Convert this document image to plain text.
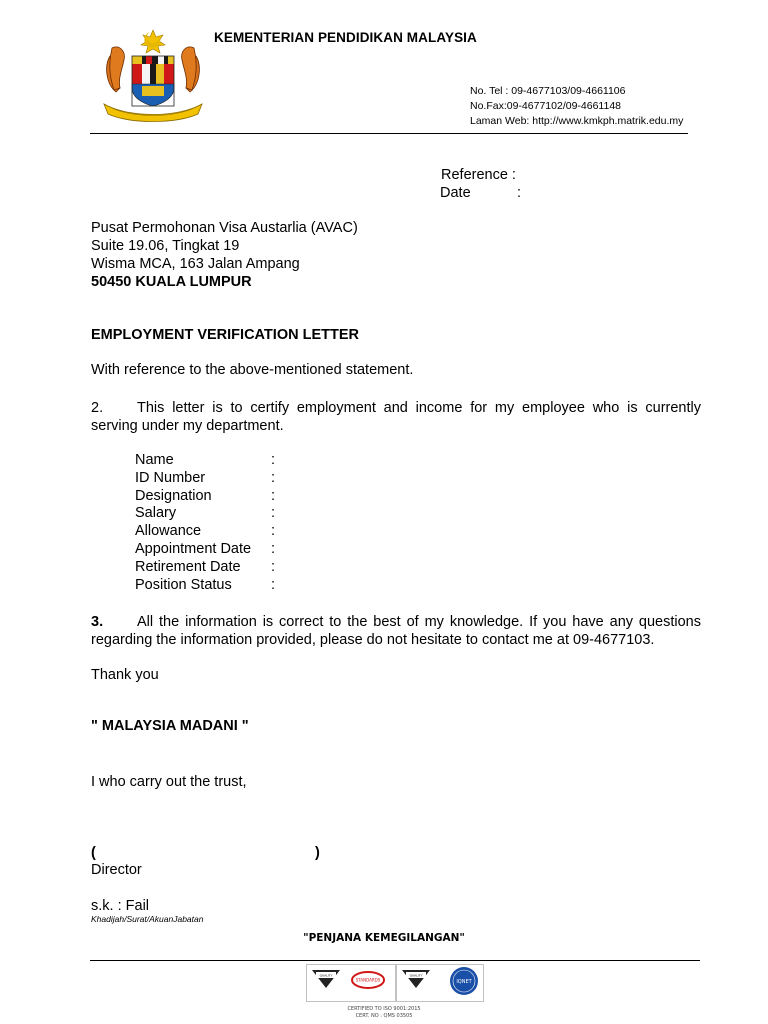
KEMENTERIAN PENDIDIKAN MALAYSIA
No. Tel : 09-4677103/09-4661106
No.Fax:09-4677102/09-4661148
Laman Web: http://www.kmkph.matrik.edu.my
Reference :
Date	:
Pusat Permohonan Visa Austarlia (AVAC)
Suite 19.06, Tingkat 19
Wisma MCA, 163 Jalan Ampang
50450 KUALA LUMPUR
EMPLOYMENT VERIFICATION LETTER
With reference to the above-mentioned statement.
2. This letter is to certify employment and income for my employee who is currently serving under my department.
Name	:
ID Number	:
Designation	:
Salary	:
Allowance	:
Appointment Date :
Retirement Date :
Position Status	:
3. All the information is correct to the best of my knowledge. If you have any questions regarding the information provided, please do not hesitate to contact me at 09-4677103.
Thank you
" MALAYSIA MADANI "
I who carry out the trust,
(	)
Director
s.k. : Fail
Khadijah/Surat/AkuanJabatan
"PENJANA KEMEGILANGAN"
QUALITY
STANDARDS
QUALITY
IQNET
CERTIFIED TO ISO 9001:2015
CERT. NO : QMS 03505
